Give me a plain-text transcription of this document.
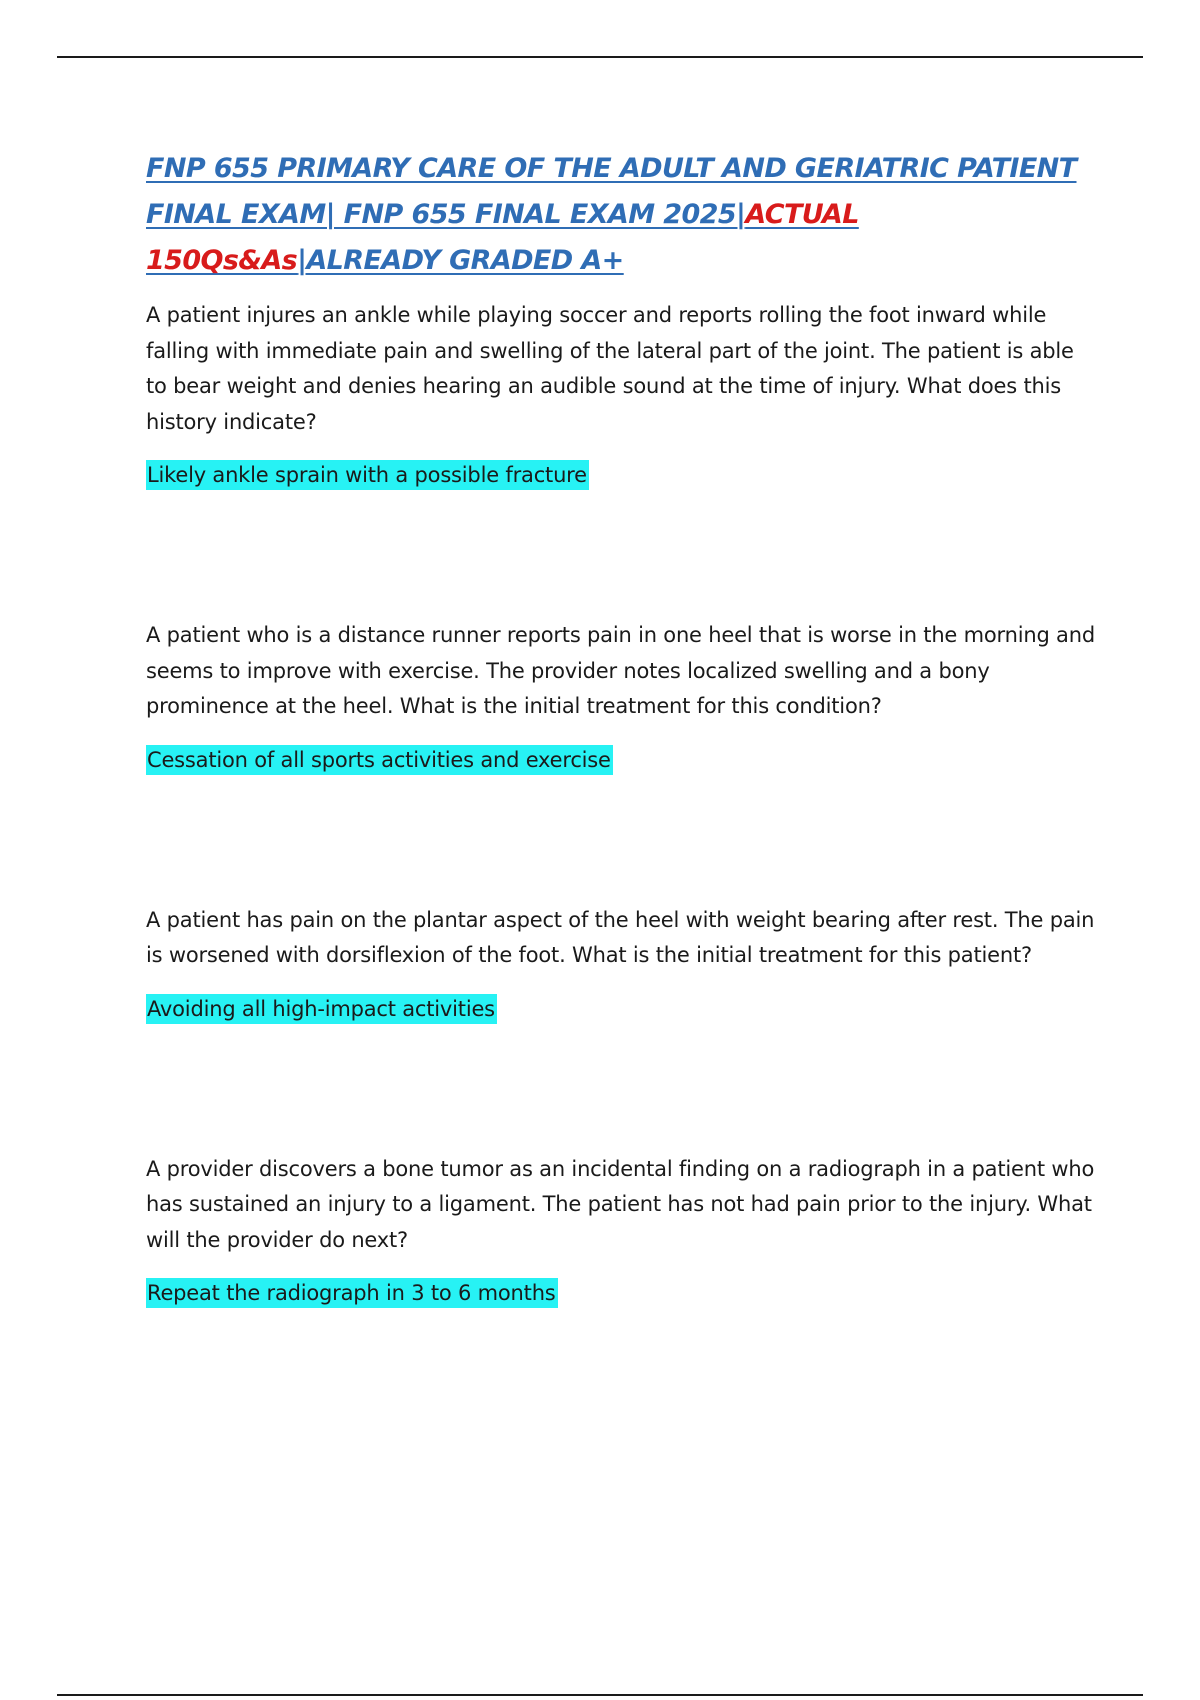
FNP 655 PRIMARY CARE OF THE ADULT AND GERIATRIC PATIENT FINAL EXAM| FNP 655 FINAL EXAM 2025|ACTUAL 150Qs&As|ALREADY GRADED A+

A patient injures an ankle while playing soccer and reports rolling the foot inward while falling with immediate pain and swelling of the lateral part of the joint. The patient is able to bear weight and denies hearing an audible sound at the time of injury. What does this history indicate?

Likely ankle sprain with a possible fracture

A patient who is a distance runner reports pain in one heel that is worse in the morning and seems to improve with exercise. The provider notes localized swelling and a bony prominence at the heel. What is the initial treatment for this condition?

Cessation of all sports activities and exercise

A patient has pain on the plantar aspect of the heel with weight bearing after rest. The pain is worsened with dorsiflexion of the foot. What is the initial treatment for this patient?

Avoiding all high-impact activities

A provider discovers a bone tumor as an incidental finding on a radiograph in a patient who has sustained an injury to a ligament. The patient has not had pain prior to the injury. What will the provider do next?

Repeat the radiograph in 3 to 6 months
